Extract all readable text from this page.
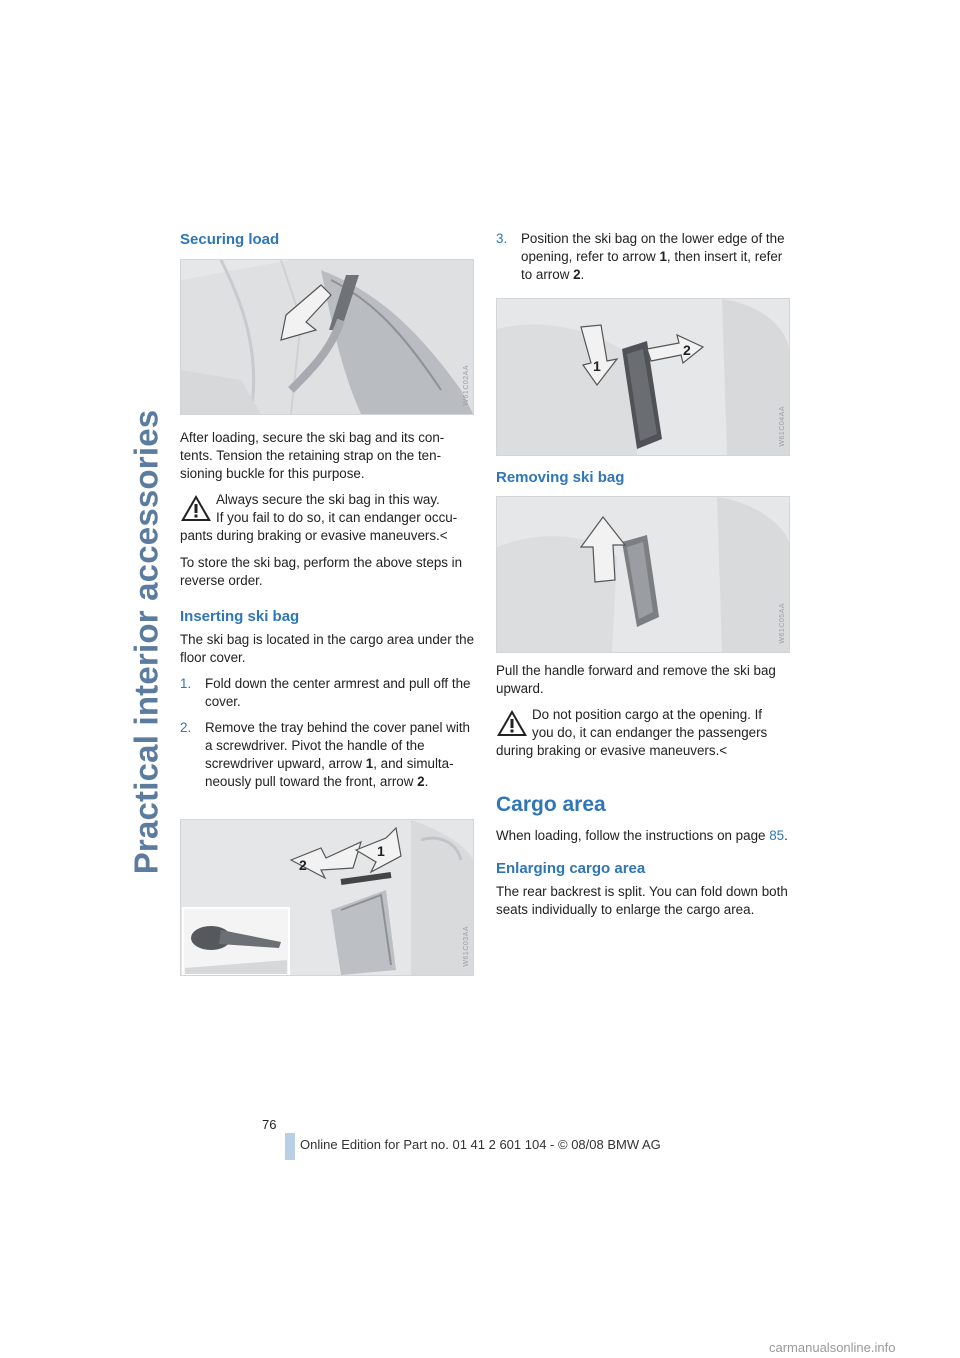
Practical interior accessories
Securing load
W61C02AA

After loading, secure the ski bag and its con-tents. Tension the retaining strap on the ten-sioning buckle for this purpose.

Always secure the ski bag in this way.
If you fail to do so, it can endanger occu-
pants during braking or evasive maneuvers.<

To store the ski bag, perform the above steps in reverse order.

Inserting ski bag

The ski bag is located in the cargo area under the floor cover.

1. Fold down the center armrest and pull off the cover.
2. Remove the tray behind the cover panel with a screwdriver. Pivot the handle of the screwdriver upward, arrow 1, and simulta-neously pull toward the front, arrow 2.
2
1
W61C03AA
3. Position the ski bag on the lower edge of the opening, refer to arrow 1, then insert it, refer to arrow 2.
1
2
W61C04AA
Removing ski bag
W61C05AA

Pull the handle forward and remove the ski bag upward.

Do not position cargo at the opening. If
you do, it can endanger the passengers
during braking or evasive maneuvers.<

Cargo area

When loading, follow the instructions on page 85.

Enlarging cargo area

The rear backrest is split. You can fold down both seats individually to enlarge the cargo area.

76
Online Edition for Part no. 01 41 2 601 104 - © 08/08 BMW AG
carmanualsonline.info
